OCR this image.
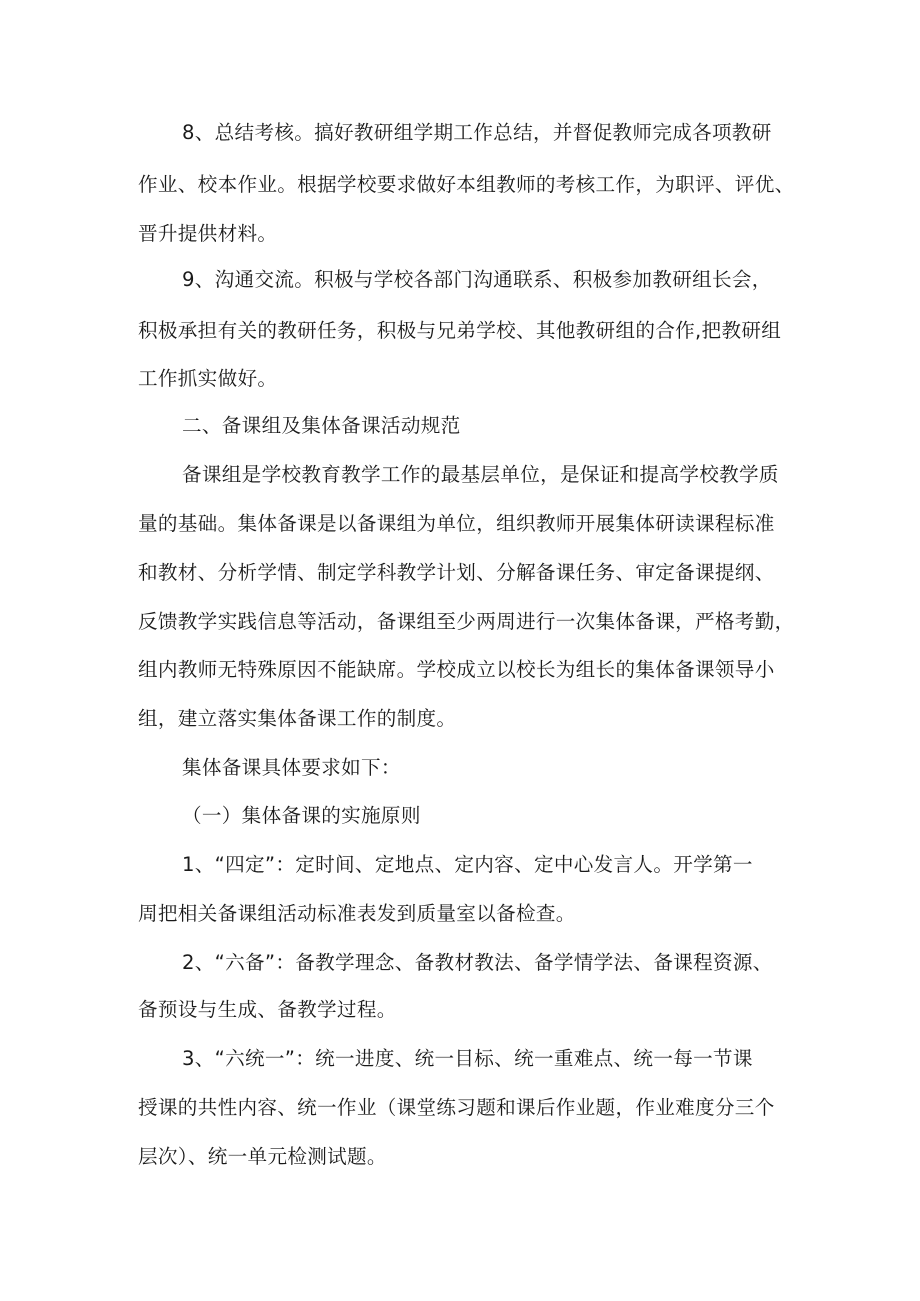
8、总结考核。搞好教研组学期工作总结，并督促教师完成各项教研
作业、校本作业。根据学校要求做好本组教师的考核工作，为职评、评优、
晋升提供材料。
9、沟通交流。积极与学校各部门沟通联系、积极参加教研组长会，
积极承担有关的教研任务，积极与兄弟学校、其他教研组的合作,把教研组
工作抓实做好。
二、备课组及集体备课活动规范
备课组是学校教育教学工作的最基层单位，是保证和提高学校教学质
量的基础。集体备课是以备课组为单位，组织教师开展集体研读课程标准
和教材、分析学情、制定学科教学计划、分解备课任务、审定备课提纲、
反馈教学实践信息等活动，备课组至少两周进行一次集体备课，严格考勤，
组内教师无特殊原因不能缺席。学校成立以校长为组长的集体备课领导小
组，建立落实集体备课工作的制度。
集体备课具体要求如下：
（一）集体备课的实施原则
1、“四定”：定时间、定地点、定内容、定中心发言人。开学第一
周把相关备课组活动标准表发到质量室以备检查。
2、“六备”：备教学理念、备教材教法、备学情学法、备课程资源、
备预设与生成、备教学过程。
3、“六统一”：统一进度、统一目标、统一重难点、统一每一节课
授课的共性内容、统一作业（课堂练习题和课后作业题，作业难度分三个
层次）、统一单元检测试题。
